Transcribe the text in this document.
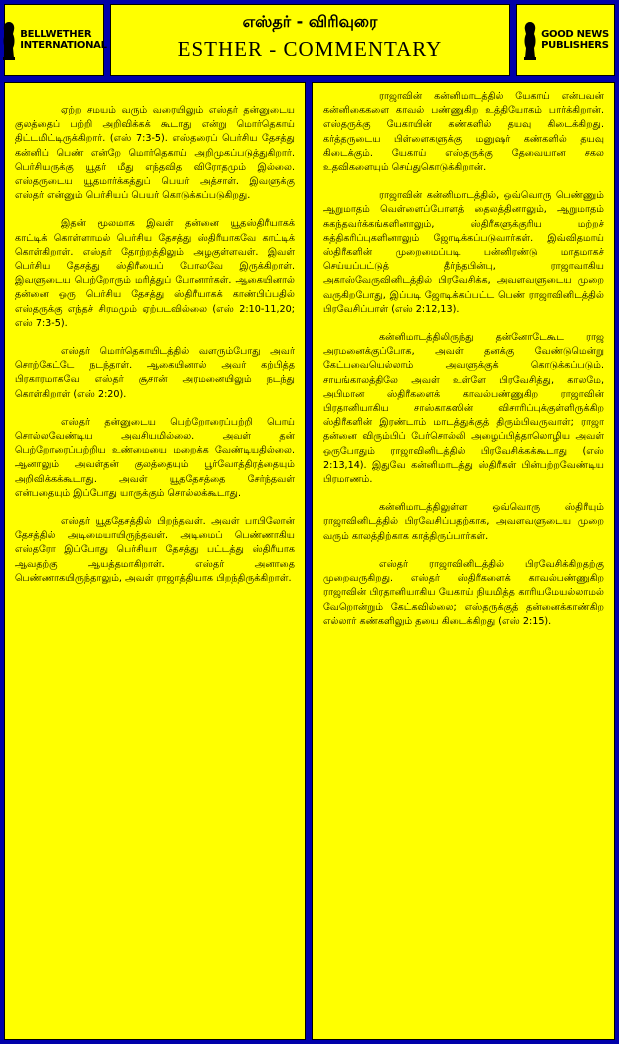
BELLWETHER
INTERNATIONAL
எஸ்தர் - விரிவுரை
ESTHER - COMMENTARY
GOOD NEWS
PUBLISHERS

ஏற்ற சமயம் வரும் வரையிலும் எஸ்தர் தன்னுடைய குலத்தைப் பற்றி அறிவிக்கக் கூடாது என்று மொர்தெகாய் திட்டமிட்டிருக்கிறார். (எஸ் 7:3-5). எஸ்தரைப் பெர்சிய தேசத்து கன்னிப் பெண் என்றே மொர்தெகாய் அறிமுகப்படுத்துகிறார். பெர்சியருக்கு யூதர் மீது எந்தவித விரோதமும் இல்லை. எஸ்தருடைய யூதமார்க்கத்துப் பெயர் அத்சாள். இவளுக்கு எஸ்தர் என்னும் பெர்சியப் பெயர் கொடுக்கப்படுகிறது.

இதன் மூலமாக இவள் தன்னை யூதஸ்திரீயாகக் காட்டிக் கொள்ளாமல் பெர்சிய தேசத்து ஸ்திரீயாகவே காட்டிக் கொள்கிறாள். எஸ்தர் தோற்றத்திலும் அழகுள்ளவள். இவள் பெர்சிய தேசத்து ஸ்திரீயைப் போலவே இருக்கிறாள். இவளுடைய பெற்றோரும் மரித்துப் போனார்கள். ஆகையினால் தன்னை ஒரு பெர்சிய தேசத்து ஸ்திரீயாகக் காண்பிப்பதில் எஸ்தருக்கு எந்தச் சிரமமும் ஏற்படவில்லை (எஸ் 2:10-11,20; எஸ் 7:3-5).

எஸ்தர் மொர்தெகாயிடத்தில் வளரும்போது அவர் சொற்கேட்டே நடந்தாள். ஆகையினால் அவர் கற்பித்த பிரகாரமாகவே எஸ்தர் சூசான் அரமனையிலும் நடந்து கொள்கிறாள் (எஸ் 2:20).

எஸ்தர் தன்னுடைய பெற்றோரைப்பற்றி பொய் சொல்லவேண்டிய அவசியமில்லை. அவள் தன் பெற்றோரைப்பற்றிய உண்மையை மறைக்க வேண்டியதில்லை. ஆனாலும் அவள்தன் குலத்தையும் பூர்வோத்திரத்தையும் அறிவிக்கக்கூடாது. அவள் யூததேசத்தை சேர்ந்தவள் என்பதையும் இப்போது யாருக்கும் சொல்லக்கூடாது.

எஸ்தர் யூததேசத்தில் பிறந்தவள். அவள் பாபிலோன் தேசத்தில் அடிமையாயிருந்தவள். அடிமைப் பெண்ணாகிய எஸ்தரோ இப்போது பெர்சியா தேசத்து பட்டத்து ஸ்திரீயாக ஆவதற்கு ஆயத்தமாகிறாள். எஸ்தர் அனாதை பெண்ணாகயிருந்தாலும், அவள் ராஜாத்தியாக பிறந்திருக்கிறாள்.

ராஜாவின் கன்னிமாடத்தில் யேகாய் என்பவன் கன்னிகைகளை காவல் பண்ணுகிற உத்தியோகம் பார்க்கிறான். எஸ்தருக்கு யேகாயின் கண்களில் தயவு கிடைக்கிறது. கர்த்தருடைய பிள்ளைகளுக்கு மனுஷர் கண்களில் தயவு கிடைக்கும். யேகாய் எஸ்தருக்கு தேவையான சகல உதவிகளையும் செய்துகொடுக்கிறான்.

ராஜாவின் கன்னிமாடத்தில், ஒவ்வொரு பெண்ணும் ஆறுமாதம் வெள்ளைப்போளத் தைலத்தினாலும், ஆறுமாதம் சுகந்தவர்க்கங்களினாலும், ஸ்திரீகளுக்குரிய மற்றச் சுத்திகரிப்புகளினாலும் ஜோடிக்கப்படுவார்கள். இவ்விதமாய் ஸ்திரீகளின் முறைமைப்படி பன்னிரண்டு மாதமாகச் செய்யப்பட்டுத் தீர்ந்தபின்பு, ராஜாவாகிய அகாஸ்வேருவினிடத்தில் பிரவேசிக்க, அவளவளுடைய முறை வருகிறபோது, இப்படி ஜோடிக்கப்பட்ட பெண் ராஜாவினிடத்தில் பிரவேசிப்பாள் (எஸ் 2:12,13).

கன்னிமாடத்திலிருந்து தன்னோடேகூட ராஜ அரமனைக்குப்போக, அவள் தனக்கு வேண்டுமென்று கேட்பவையெல்லாம் அவளுக்குக் கொடுக்கப்படும். சாயங்காலத்திலே அவள் உள்ளே பிரவேசித்து, காலமே, அபிமான ஸ்திரீகளைக் காவல்பண்ணுகிற ராஜாவின் பிரதானியாகிய சாஸ்காகஸின் விசாரிப்புக்குள்ளிருக்கிற ஸ்திரீகளின் இரண்டாம் மாடத்துக்குத் திரும்பிவருவாள்; ராஜா தன்னை விரும்பிப் பேர்சொல்லி அழைப்பித்தாலொழிய அவள் ஒருபோதும் ராஜாவினிடத்தில் பிரவேசிக்கக்கூடாது (எஸ் 2:13,14). இதுவே கன்னிமாடத்து ஸ்திரீகள் பின்பற்றவேண்டிய பிரமாணம்.

கன்னிமாடத்திலுள்ள ஒவ்வொரு ஸ்திரீயும் ராஜாவினிடத்தில் பிரவேசிப்பதற்காக, அவளவளுடைய முறை வரும் காலத்திற்காக காத்திருப்பார்கள்.

எஸ்தர் ராஜாவினிடத்தில் பிரவேசிக்கிறதற்கு முறைவருகிறது. எஸ்தர் ஸ்திரீகளைக் காவல்பண்ணுகிற ராஜாவின் பிரதானியாகிய யேகாய் நியமித்த காரியமேயல்லாமல் வேறொன்றும் கேட்கவில்லை; எஸ்தருக்குத் தன்னைக்காண்கிற எல்லார் கண்களிலும் தயை கிடைக்கிறது (எஸ் 2:15).
